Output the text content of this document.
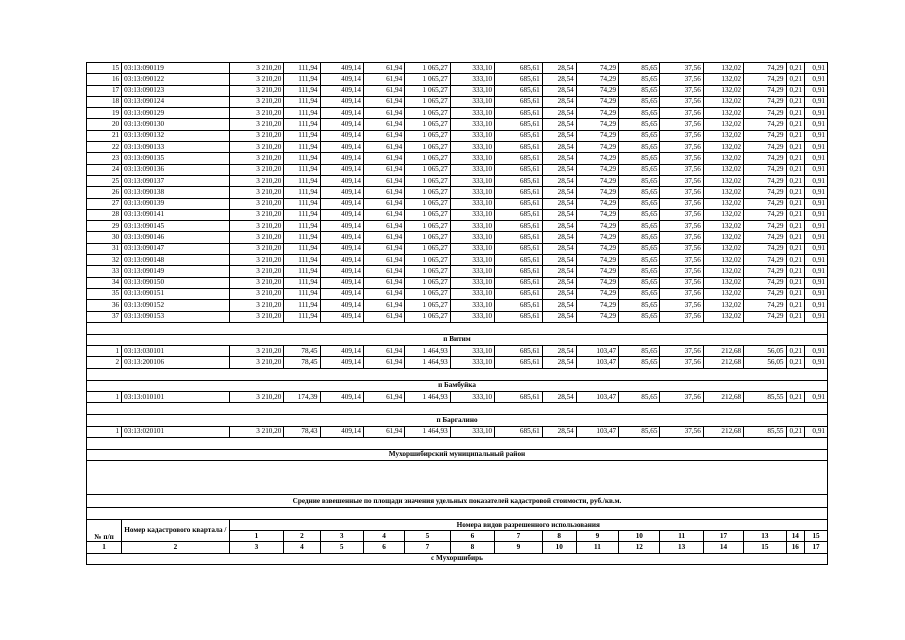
15	03:13:090119	3 210,20	111,94	409,14	61,94	1 065,27	333,10	685,61	28,54	74,29	85,65	37,56	132,02	74,29	0,21	0,91
16	03:13:090122	3 210,20	111,94	409,14	61,94	1 065,27	333,10	685,61	28,54	74,29	85,65	37,56	132,02	74,29	0,21	0,91
17	03:13:090123	3 210,20	111,94	409,14	61,94	1 065,27	333,10	685,61	28,54	74,29	85,65	37,56	132,02	74,29	0,21	0,91
18	03:13:090124	3 210,20	111,94	409,14	61,94	1 065,27	333,10	685,61	28,54	74,29	85,65	37,56	132,02	74,29	0,21	0,91
19	03:13:090129	3 210,20	111,94	409,14	61,94	1 065,27	333,10	685,61	28,54	74,29	85,65	37,56	132,02	74,29	0,21	0,91
20	03:13:090130	3 210,20	111,94	409,14	61,94	1 065,27	333,10	685,61	28,54	74,29	85,65	37,56	132,02	74,29	0,21	0,91
21	03:13:090132	3 210,20	111,94	409,14	61,94	1 065,27	333,10	685,61	28,54	74,29	85,65	37,56	132,02	74,29	0,21	0,91
22	03:13:090133	3 210,20	111,94	409,14	61,94	1 065,27	333,10	685,61	28,54	74,29	85,65	37,56	132,02	74,29	0,21	0,91
23	03:13:090135	3 210,20	111,94	409,14	61,94	1 065,27	333,10	685,61	28,54	74,29	85,65	37,56	132,02	74,29	0,21	0,91
24	03:13:090136	3 210,20	111,94	409,14	61,94	1 065,27	333,10	685,61	28,54	74,29	85,65	37,56	132,02	74,29	0,21	0,91
25	03:13:090137	3 210,20	111,94	409,14	61,94	1 065,27	333,10	685,61	28,54	74,29	85,65	37,56	132,02	74,29	0,21	0,91
26	03:13:090138	3 210,20	111,94	409,14	61,94	1 065,27	333,10	685,61	28,54	74,29	85,65	37,56	132,02	74,29	0,21	0,91
27	03:13:090139	3 210,20	111,94	409,14	61,94	1 065,27	333,10	685,61	28,54	74,29	85,65	37,56	132,02	74,29	0,21	0,91
28	03:13:090141	3 210,20	111,94	409,14	61,94	1 065,27	333,10	685,61	28,54	74,29	85,65	37,56	132,02	74,29	0,21	0,91
29	03:13:090145	3 210,20	111,94	409,14	61,94	1 065,27	333,10	685,61	28,54	74,29	85,65	37,56	132,02	74,29	0,21	0,91
30	03:13:090146	3 210,20	111,94	409,14	61,94	1 065,27	333,10	685,61	28,54	74,29	85,65	37,56	132,02	74,29	0,21	0,91
31	03:13:090147	3 210,20	111,94	409,14	61,94	1 065,27	333,10	685,61	28,54	74,29	85,65	37,56	132,02	74,29	0,21	0,91
32	03:13:090148	3 210,20	111,94	409,14	61,94	1 065,27	333,10	685,61	28,54	74,29	85,65	37,56	132,02	74,29	0,21	0,91
33	03:13:090149	3 210,20	111,94	409,14	61,94	1 065,27	333,10	685,61	28,54	74,29	85,65	37,56	132,02	74,29	0,21	0,91
34	03:13:090150	3 210,20	111,94	409,14	61,94	1 065,27	333,10	685,61	28,54	74,29	85,65	37,56	132,02	74,29	0,21	0,91
35	03:13:090151	3 210,20	111,94	409,14	61,94	1 065,27	333,10	685,61	28,54	74,29	85,65	37,56	132,02	74,29	0,21	0,91
36	03:13:090152	3 210,20	111,94	409,14	61,94	1 065,27	333,10	685,61	28,54	74,29	85,65	37,56	132,02	74,29	0,21	0,91
37	03:13:090153	3 210,20	111,94	409,14	61,94	1 065,27	333,10	685,61	28,54	74,29	85,65	37,56	132,02	74,29	0,21	0,91

п Витим																
1	03:13:030101	3 210,20	78,45	409,14	61,94	1 464,93	333,10	685,61	28,54	103,47	85,65	37,56	212,68	56,05	0,21	0,91
2	03:13:200106	3 210,20	78,45	409,14	61,94	1 464,93	333,10	685,61	28,54	103,47	85,65	37,56	212,68	56,05	0,21	0,91

п Бамбуйка																
1	03:13:010101	3 210,20	174,39	409,14	61,94	1 464,93	333,10	685,61	28,54	103,47	85,65	37,56	212,68	85,55	0,21	0,91

п Баргалино																
1	03:13:020101	3 210,20	78,43	409,14	61,94	1 464,93	333,10	685,61	28,54	103,47	85,65	37,56	212,68	85,55	0,21	0,91

Мухоршибирский муниципальный район																

Средние взвешенные по площади значения удельных показателей кадастровой стоимости, руб./кв.м.																

№ п/п	Номер кадастрового квартала /	Номера видов разрешенного использования														
		1	2	3	4	5	6	7	8	9	10	11	17	13	14	15
1	2	3	4	5	6	7	8	9	10	11	12	13	14	15	16	17
с Мухоршибирь																
